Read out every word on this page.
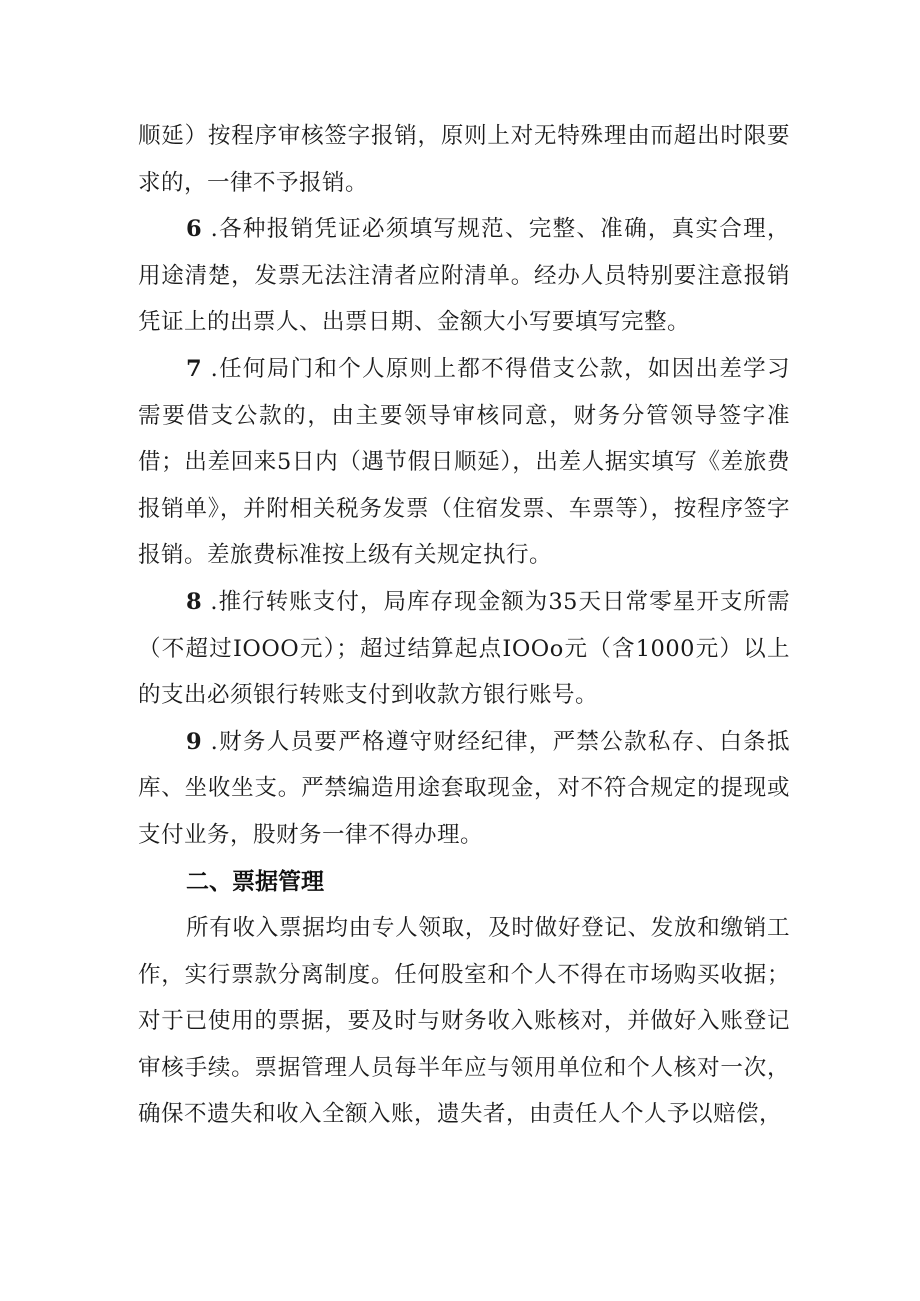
顺延）按程序审核签字报销，原则上对无特殊理由而超出时限要求的，一律不予报销。

6 .各种报销凭证必须填写规范、完整、准确，真实合理，用途清楚，发票无法注清者应附清单。经办人员特别要注意报销凭证上的出票人、出票日期、金额大小写要填写完整。

7 .任何局门和个人原则上都不得借支公款，如因出差学习需要借支公款的，由主要领导审核同意，财务分管领导签字准借；出差回来5日内（遇节假日顺延），出差人据实填写《差旅费报销单》，并附相关税务发票（住宿发票、车票等），按程序签字报销。差旅费标准按上级有关规定执行。

8 .推行转账支付，局库存现金额为35天日常零星开支所需（不超过IOOO元）；超过结算起点IOOo元（含1000元）以上的支出必须银行转账支付到收款方银行账号。

9 .财务人员要严格遵守财经纪律，严禁公款私存、白条抵库、坐收坐支。严禁编造用途套取现金，对不符合规定的提现或支付业务，股财务一律不得办理。

二、票据管理

所有收入票据均由专人领取，及时做好登记、发放和缴销工作，实行票款分离制度。任何股室和个人不得在市场购买收据；对于已使用的票据，要及时与财务收入账核对，并做好入账登记审核手续。票据管理人员每半年应与领用单位和个人核对一次，确保不遗失和收入全额入账，遗失者，由责任人个人予以赔偿，
